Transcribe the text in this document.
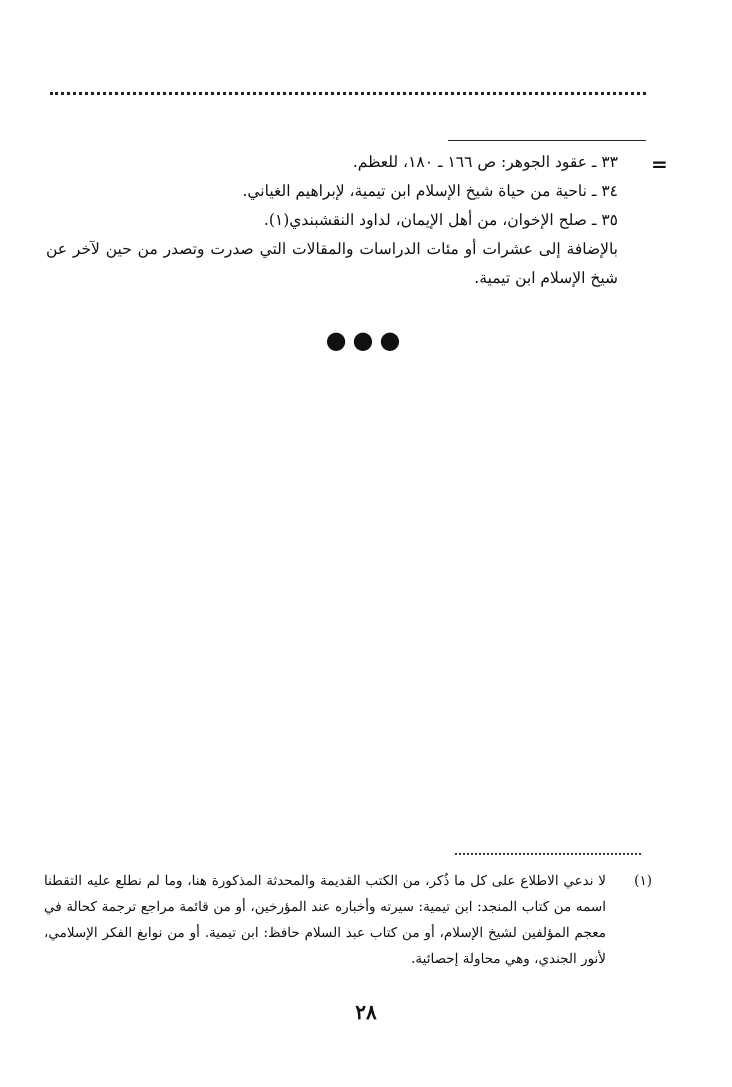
=

٣٣ ـ عقود الجوهر: ص ١٦٦ ـ ١٨٠، للعظم.

٣٤ ـ ناحية من حياة شيخ الإسلام ابن تيمية، لإبراهيم الغياني.

٣٥ ـ صلح الإخوان، من أهل الإيمان، لداود النقشبندي(١).

بالإضافة إلى عشرات أو مئات الدراسات والمقالات التي صدرت وتصدر من حين لآخر عن شيخ الإسلام ابن تيمية.

●●●
(١)
لا ندعي الاطلاع على كل ما ذُكر، من الكتب القديمة والمحدثة المذكورة هنا، وما لم نطلع عليه التقطنا اسمه من كتاب المنجد: ابن تيمية: سيرته وأخباره عند المؤرخين، أو من قائمة مراجع ترجمة كحالة في معجم المؤلفين لشيخ الإسلام، أو من كتاب عبد السلام حافظ: ابن تيمية. أو من نوابغ الفكر الإسلامي، لأنور الجندي، وهي محاولة إحصائية.
٢٨
